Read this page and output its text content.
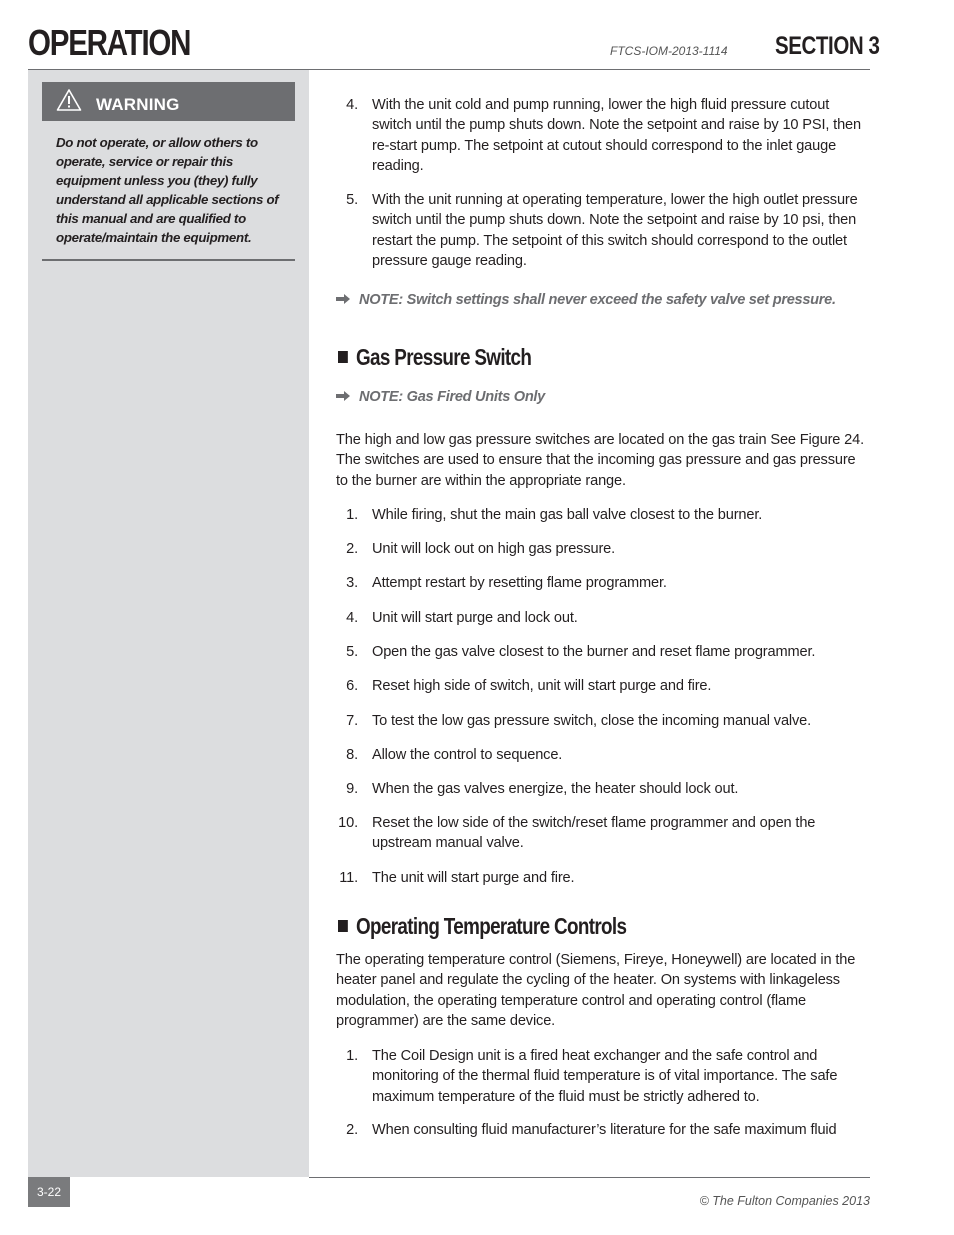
OPERATION	FTCS-IOM-2013-1114 SECTION 3
WARNING
Do not operate, or allow others to operate, service or repair this equipment unless you (they) fully understand all applicable sections of this manual and are qualified to operate/maintain the equipment.
4. With the unit cold and pump running, lower the high fluid pressure cutout switch until the pump shuts down. Note the setpoint and raise by 10 PSI, then re-start pump. The setpoint at cutout should correspond to the inlet gauge reading.
5. With the unit running at operating temperature, lower the high outlet pressure switch until the pump shuts down. Note the setpoint and raise by 10 psi, then restart the pump. The setpoint of this switch should correspond to the outlet pressure gauge reading.
NOTE: Switch settings shall never exceed the safety valve set pressure.
Gas Pressure Switch
NOTE: Gas Fired Units Only
The high and low gas pressure switches are located on the gas train See Figure 24. The switches are used to ensure that the incoming gas pressure and gas pressure to the burner are within the appropriate range.
1. While firing, shut the main gas ball valve closest to the burner.
2. Unit will lock out on high gas pressure.
3. Attempt restart by resetting flame programmer.
4. Unit will start purge and lock out.
5. Open the gas valve closest to the burner and reset flame programmer.
6. Reset high side of switch, unit will start purge and fire.
7. To test the low gas pressure switch, close the incoming manual valve.
8. Allow the control to sequence.
9. When the gas valves energize, the heater should lock out.
10. Reset the low side of the switch/reset flame programmer and open the upstream manual valve.
11. The unit will start purge and fire.
Operating Temperature Controls
The operating temperature control (Siemens, Fireye, Honeywell) are located in the heater panel and regulate the cycling of the heater. On systems with linkageless modulation, the operating temperature control and operating control (flame programmer) are the same device.
1. The Coil Design unit is a fired heat exchanger and the safe control and monitoring of the thermal fluid temperature is of vital importance. The safe maximum temperature of the fluid must be strictly adhered to.
2. When consulting fluid manufacturer’s literature for the safe maximum fluid
3-22
© The Fulton Companies 2013
